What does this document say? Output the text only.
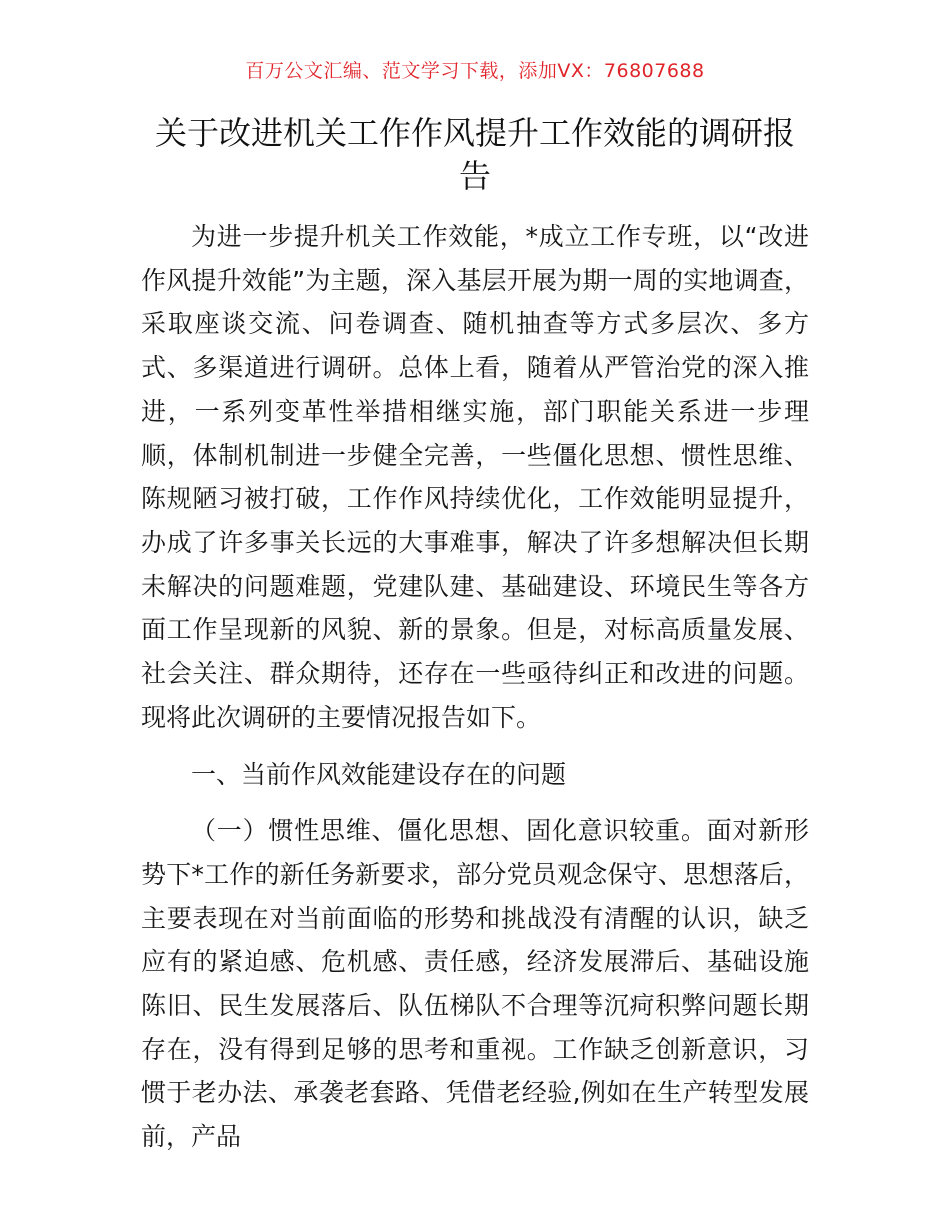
百万公文汇编、范文学习下载，添加VX：76807688
关于改进机关工作作风提升工作效能的调研报告

为进一步提升机关工作效能，*成立工作专班，以“改进作风提升效能”为主题，深入基层开展为期一周的实地调查，采取座谈交流、问卷调查、随机抽查等方式多层次、多方式、多渠道进行调研。总体上看，随着从严管治党的深入推进，一系列变革性举措相继实施，部门职能关系进一步理顺，体制机制进一步健全完善，一些僵化思想、惯性思维、陈规陋习被打破，工作作风持续优化，工作效能明显提升，办成了许多事关长远的大事难事，解决了许多想解决但长期未解决的问题难题，党建队建、基础建设、环境民生等各方面工作呈现新的风貌、新的景象。但是，对标高质量发展、社会关注、群众期待，还存在一些亟待纠正和改进的问题。现将此次调研的主要情况报告如下。

一、当前作风效能建设存在的问题

（一）惯性思维、僵化思想、固化意识较重。面对新形势下*工作的新任务新要求，部分党员观念保守、思想落后，主要表现在对当前面临的形势和挑战没有清醒的认识，缺乏应有的紧迫感、危机感、责任感，经济发展滞后、基础设施陈旧、民生发展落后、队伍梯队不合理等沉疴积弊问题长期存在，没有得到足够的思考和重视。工作缺乏创新意识，习惯于老办法、承袭老套路、凭借老经验,例如在生产转型发展前，产品
